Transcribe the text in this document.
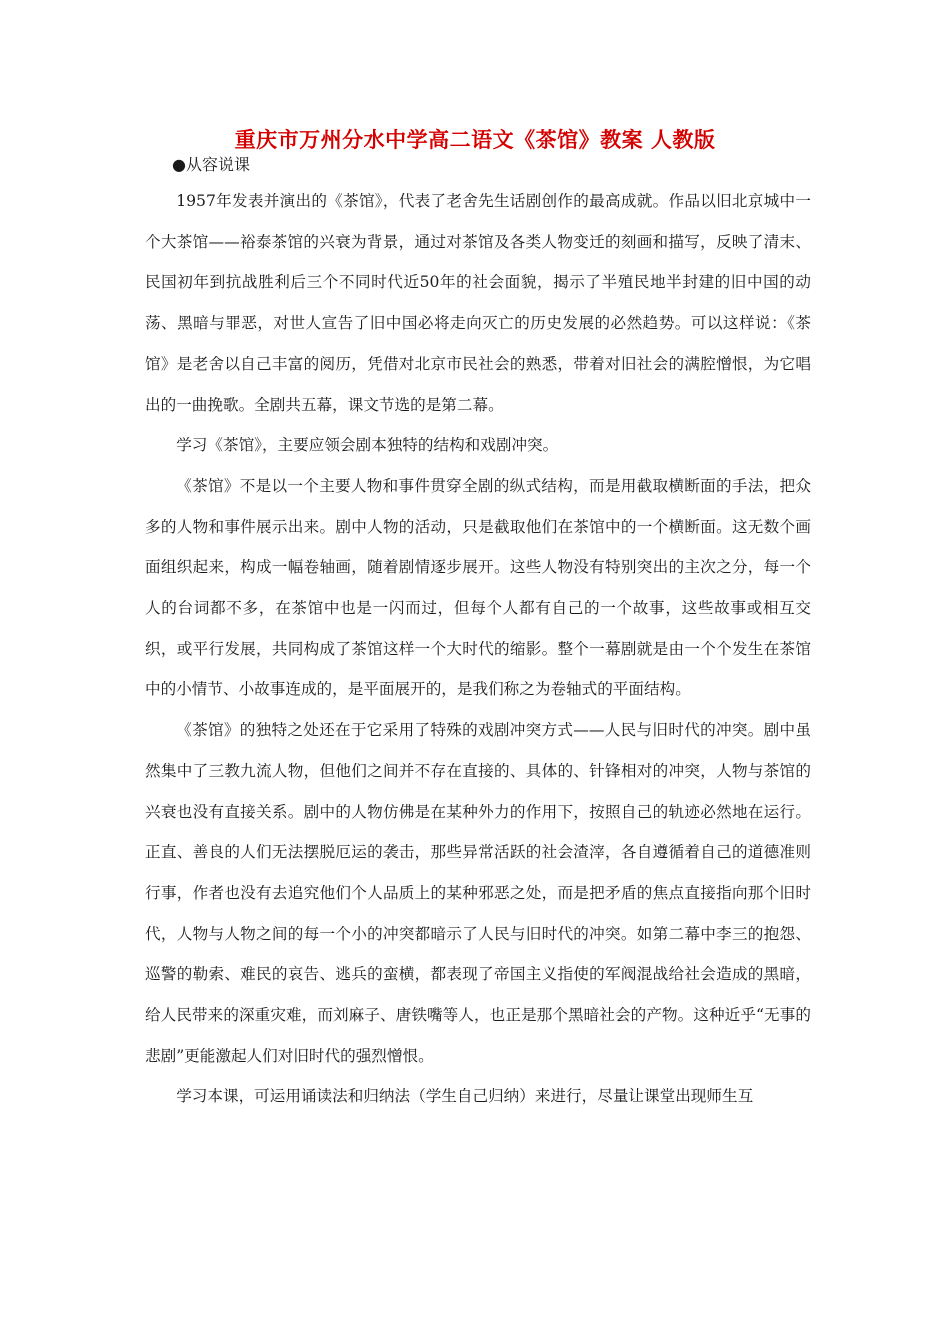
重庆市万州分水中学高二语文《茶馆》教案 人教版
●从容说课

1957年发表并演出的《茶馆》，代表了老舍先生话剧创作的最高成就。作品以旧北京城中一个大茶馆——裕泰茶馆的兴衰为背景，通过对茶馆及各类人物变迁的刻画和描写，反映了清末、民国初年到抗战胜利后三个不同时代近50年的社会面貌，揭示了半殖民地半封建的旧中国的动荡、黑暗与罪恶，对世人宣告了旧中国必将走向灭亡的历史发展的必然趋势。可以这样说：《茶馆》是老舍以自己丰富的阅历，凭借对北京市民社会的熟悉，带着对旧社会的满腔憎恨，为它唱出的一曲挽歌。全剧共五幕，课文节选的是第二幕。

学习《茶馆》，主要应领会剧本独特的结构和戏剧冲突。

《茶馆》不是以一个主要人物和事件贯穿全剧的纵式结构，而是用截取横断面的手法，把众多的人物和事件展示出来。剧中人物的活动，只是截取他们在茶馆中的一个横断面。这无数个画面组织起来，构成一幅卷轴画，随着剧情逐步展开。这些人物没有特别突出的主次之分，每一个人的台词都不多，在茶馆中也是一闪而过，但每个人都有自己的一个故事，这些故事或相互交织，或平行发展，共同构成了茶馆这样一个大时代的缩影。整个一幕剧就是由一个个发生在茶馆中的小情节、小故事连成的，是平面展开的，是我们称之为卷轴式的平面结构。

《茶馆》的独特之处还在于它采用了特殊的戏剧冲突方式——人民与旧时代的冲突。剧中虽然集中了三教九流人物，但他们之间并不存在直接的、具体的、针锋相对的冲突，人物与茶馆的兴衰也没有直接关系。剧中的人物仿佛是在某种外力的作用下，按照自己的轨迹必然地在运行。正直、善良的人们无法摆脱厄运的袭击，那些异常活跃的社会渣滓，各自遵循着自己的道德准则行事，作者也没有去追究他们个人品质上的某种邪恶之处，而是把矛盾的焦点直接指向那个旧时代，人物与人物之间的每一个小的冲突都暗示了人民与旧时代的冲突。如第二幕中李三的抱怨、巡警的勒索、难民的哀告、逃兵的蛮横，都表现了帝国主义指使的军阀混战给社会造成的黑暗，给人民带来的深重灾难，而刘麻子、唐铁嘴等人，也正是那个黑暗社会的产物。这种近乎“无事的悲剧”更能激起人们对旧时代的强烈憎恨。

学习本课，可运用诵读法和归纳法（学生自己归纳）来进行，尽量让课堂出现师生互
